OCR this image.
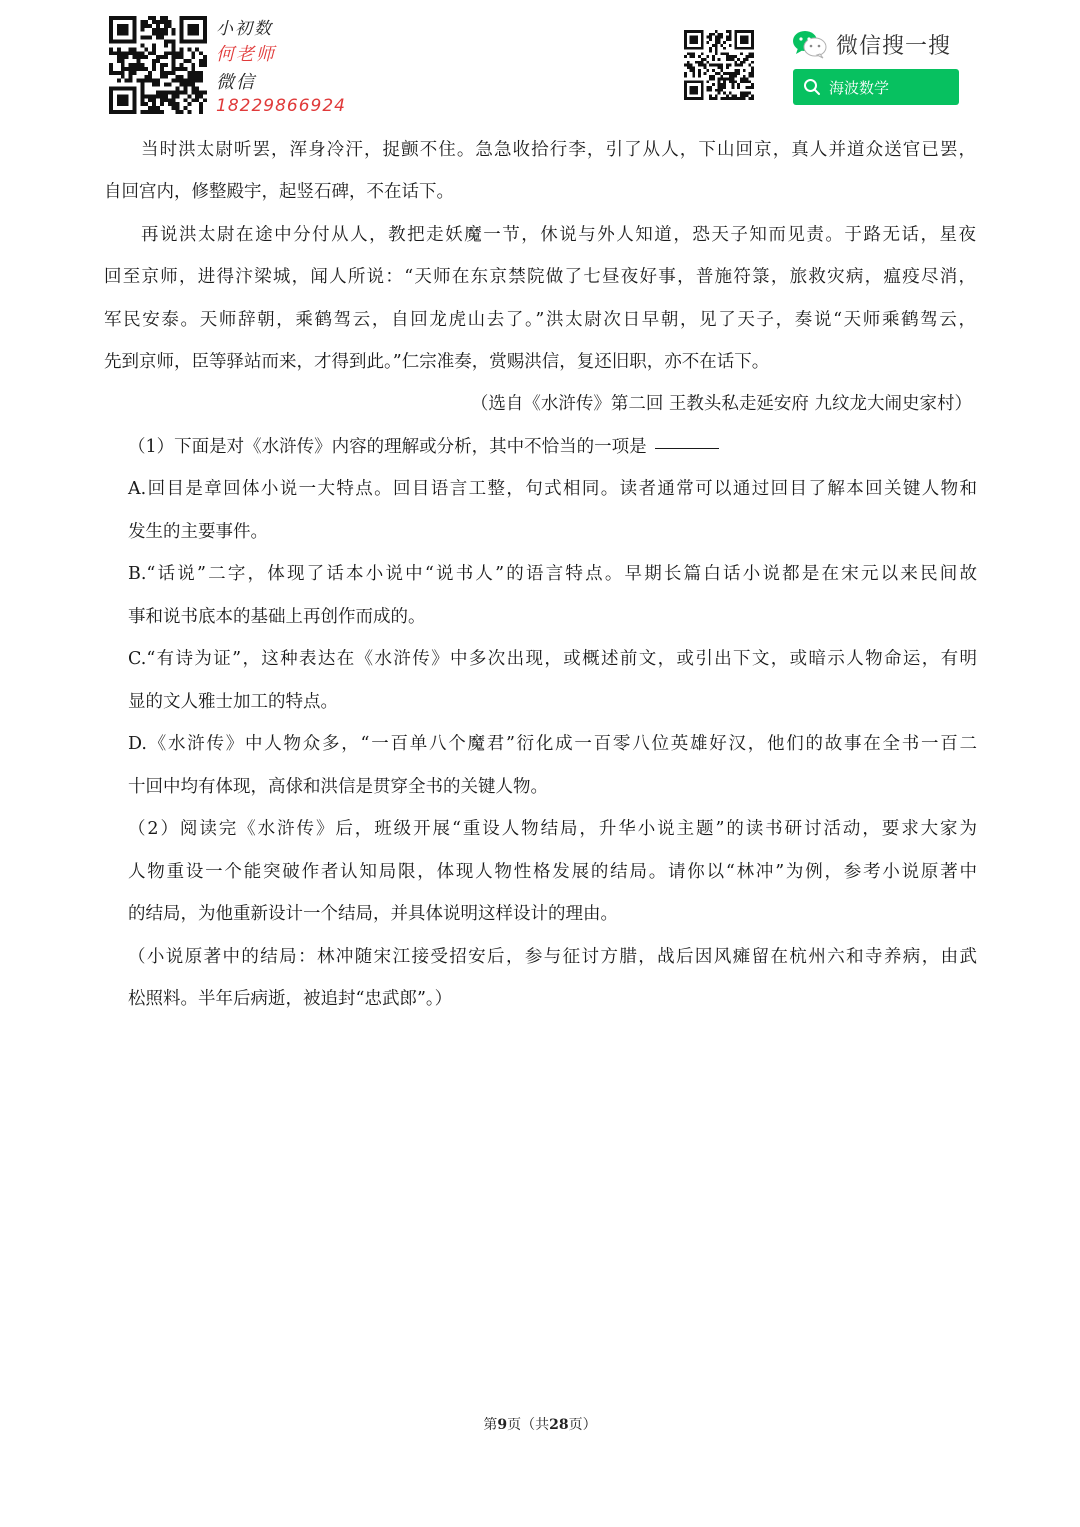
小初数
何老师
微信
18229866924
微信搜一搜
海波数学
当时洪太尉听罢，浑身冷汗，捉颤不住。急急收拾行李，引了从人，下山回京，真人并道众送官已罢，
自回宫内，修整殿宇，起竖石碑，不在话下。
再说洪太尉在途中分付从人，教把走妖魔一节，休说与外人知道，恐天子知而见责。于路无话，星夜
回至京师，进得汴梁城，闻人所说：“天师在东京禁院做了七昼夜好事，普施符箓，旅救灾病，瘟疫尽消，
军民安泰。天师辞朝，乘鹤驾云，自回龙虎山去了。”洪太尉次日早朝，见了天子，奏说“天师乘鹤驾云，
先到京师，臣等驿站而来，才得到此。”仁宗准奏，赏赐洪信，复还旧职，亦不在话下。
（选自《水浒传》第二回 王教头私走延安府 九纹龙大闹史家村）
（1）下面是对《水浒传》内容的理解或分析，其中不恰当的一项是
A.回目是章回体小说一大特点。回目语言工整，句式相同。读者通常可以通过回目了解本回关键人物和
发生的主要事件。
B.“话说”二字，体现了话本小说中“说书人”的语言特点。早期长篇白话小说都是在宋元以来民间故
事和说书底本的基础上再创作而成的。
C.“有诗为证”，这种表达在《水浒传》中多次出现，或概述前文，或引出下文，或暗示人物命运，有明
显的文人雅士加工的特点。
D.《水浒传》中人物众多，“一百单八个魔君”衍化成一百零八位英雄好汉，他们的故事在全书一百二
十回中均有体现，高俅和洪信是贯穿全书的关键人物。
（2）阅读完《水浒传》后，班级开展“重设人物结局，升华小说主题”的读书研讨活动，要求大家为
人物重设一个能突破作者认知局限，体现人物性格发展的结局。请你以“林冲”为例，参考小说原著中
的结局，为他重新设计一个结局，并具体说明这样设计的理由。
（小说原著中的结局：林冲随宋江接受招安后，参与征讨方腊，战后因风瘫留在杭州六和寺养病，由武
松照料。半年后病逝，被追封“忠武郎”。）
第9页（共28页）
